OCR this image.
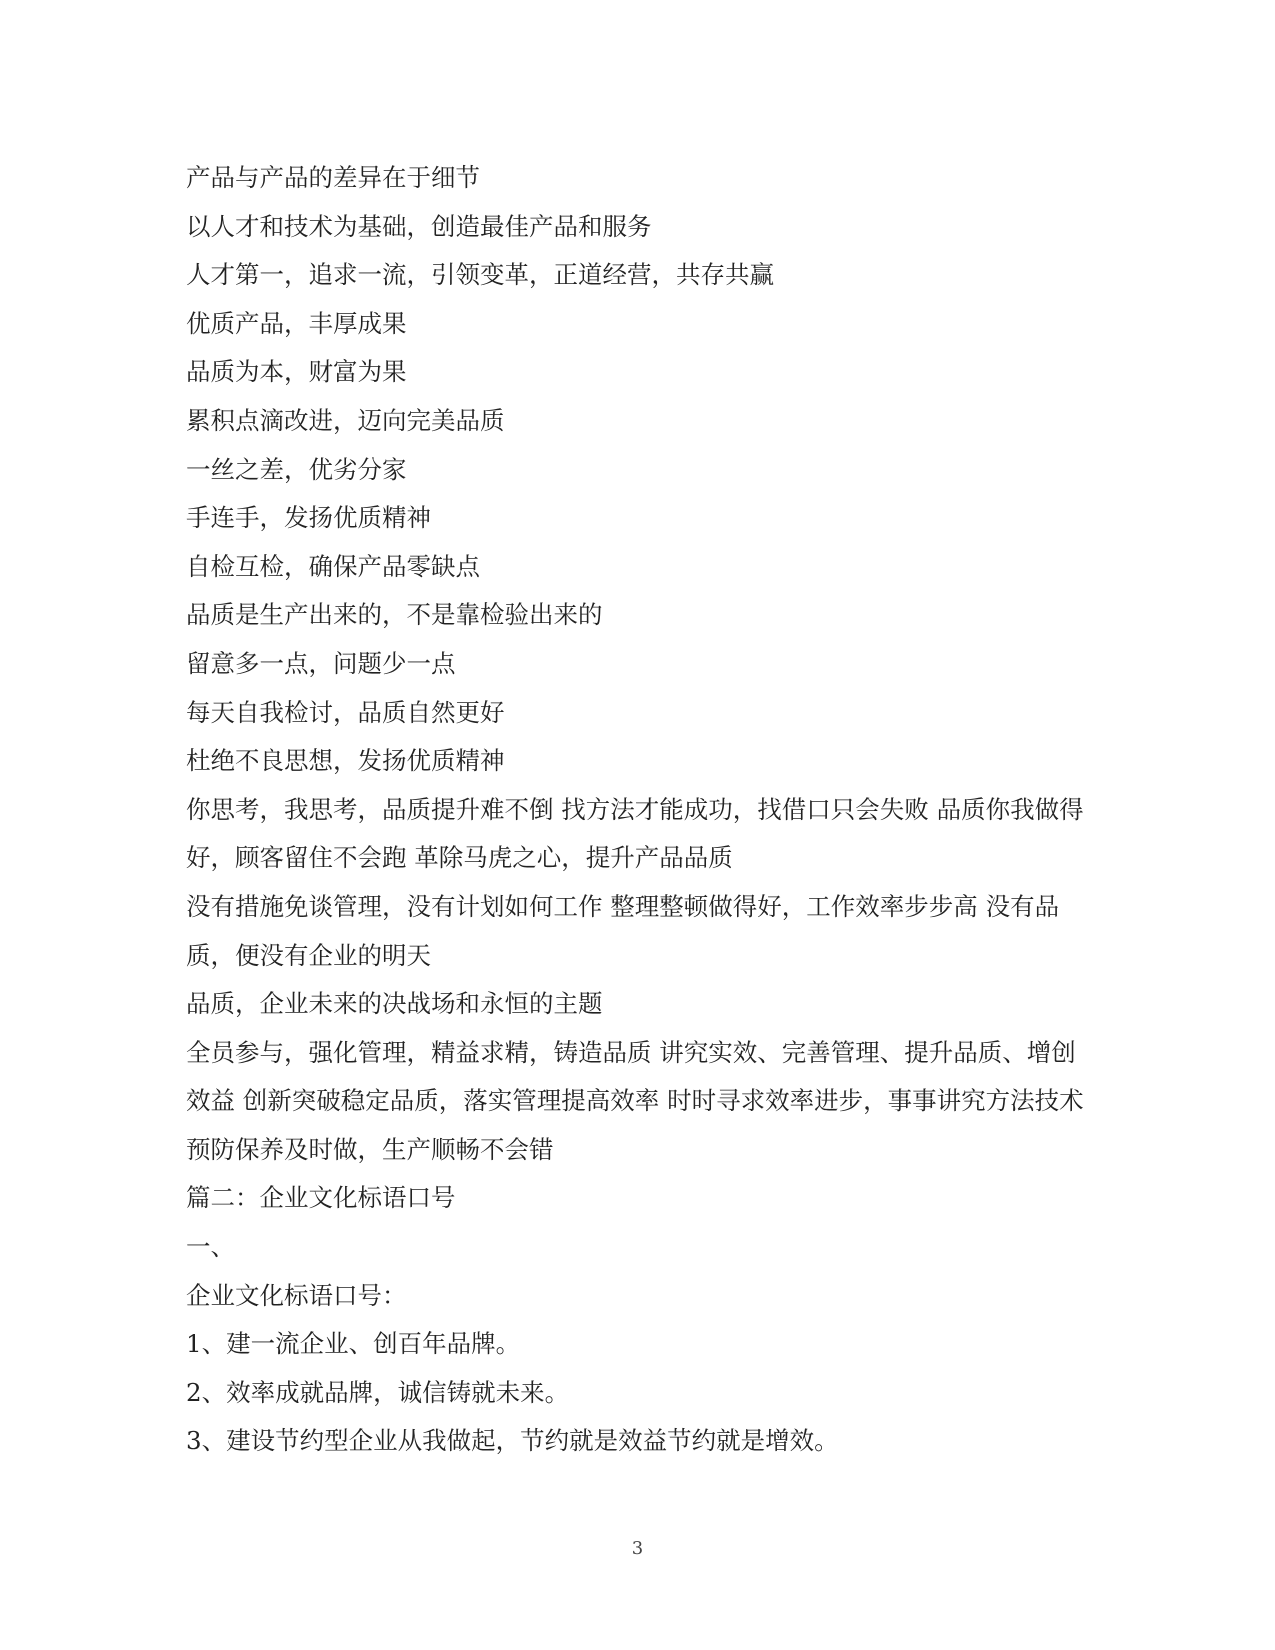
产品与产品的差异在于细节

以人才和技术为基础，创造最佳产品和服务

人才第一，追求一流，引领变革，正道经营，共存共赢

优质产品，丰厚成果

品质为本，财富为果

累积点滴改进，迈向完美品质

一丝之差，优劣分家

手连手，发扬优质精神

自检互检，确保产品零缺点

品质是生产出来的，不是靠检验出来的

留意多一点，问题少一点

每天自我检讨，品质自然更好

杜绝不良思想，发扬优质精神

你思考，我思考，品质提升难不倒 找方法才能成功，找借口只会失败 品质你我做得好，顾客留住不会跑 革除马虎之心，提升产品品质

没有措施免谈管理，没有计划如何工作 整理整顿做得好，工作效率步步高 没有品质，便没有企业的明天

品质，企业未来的决战场和永恒的主题

全员参与，强化管理，精益求精，铸造品质 讲究实效、完善管理、提升品质、增创效益 创新突破稳定品质，落实管理提高效率 时时寻求效率进步，事事讲究方法技术 预防保养及时做，生产顺畅不会错

篇二：企业文化标语口号

一、

企业文化标语口号：

1、建一流企业、创百年品牌。

2、效率成就品牌，诚信铸就未来。

3、建设节约型企业从我做起，节约就是效益节约就是增效。

3
